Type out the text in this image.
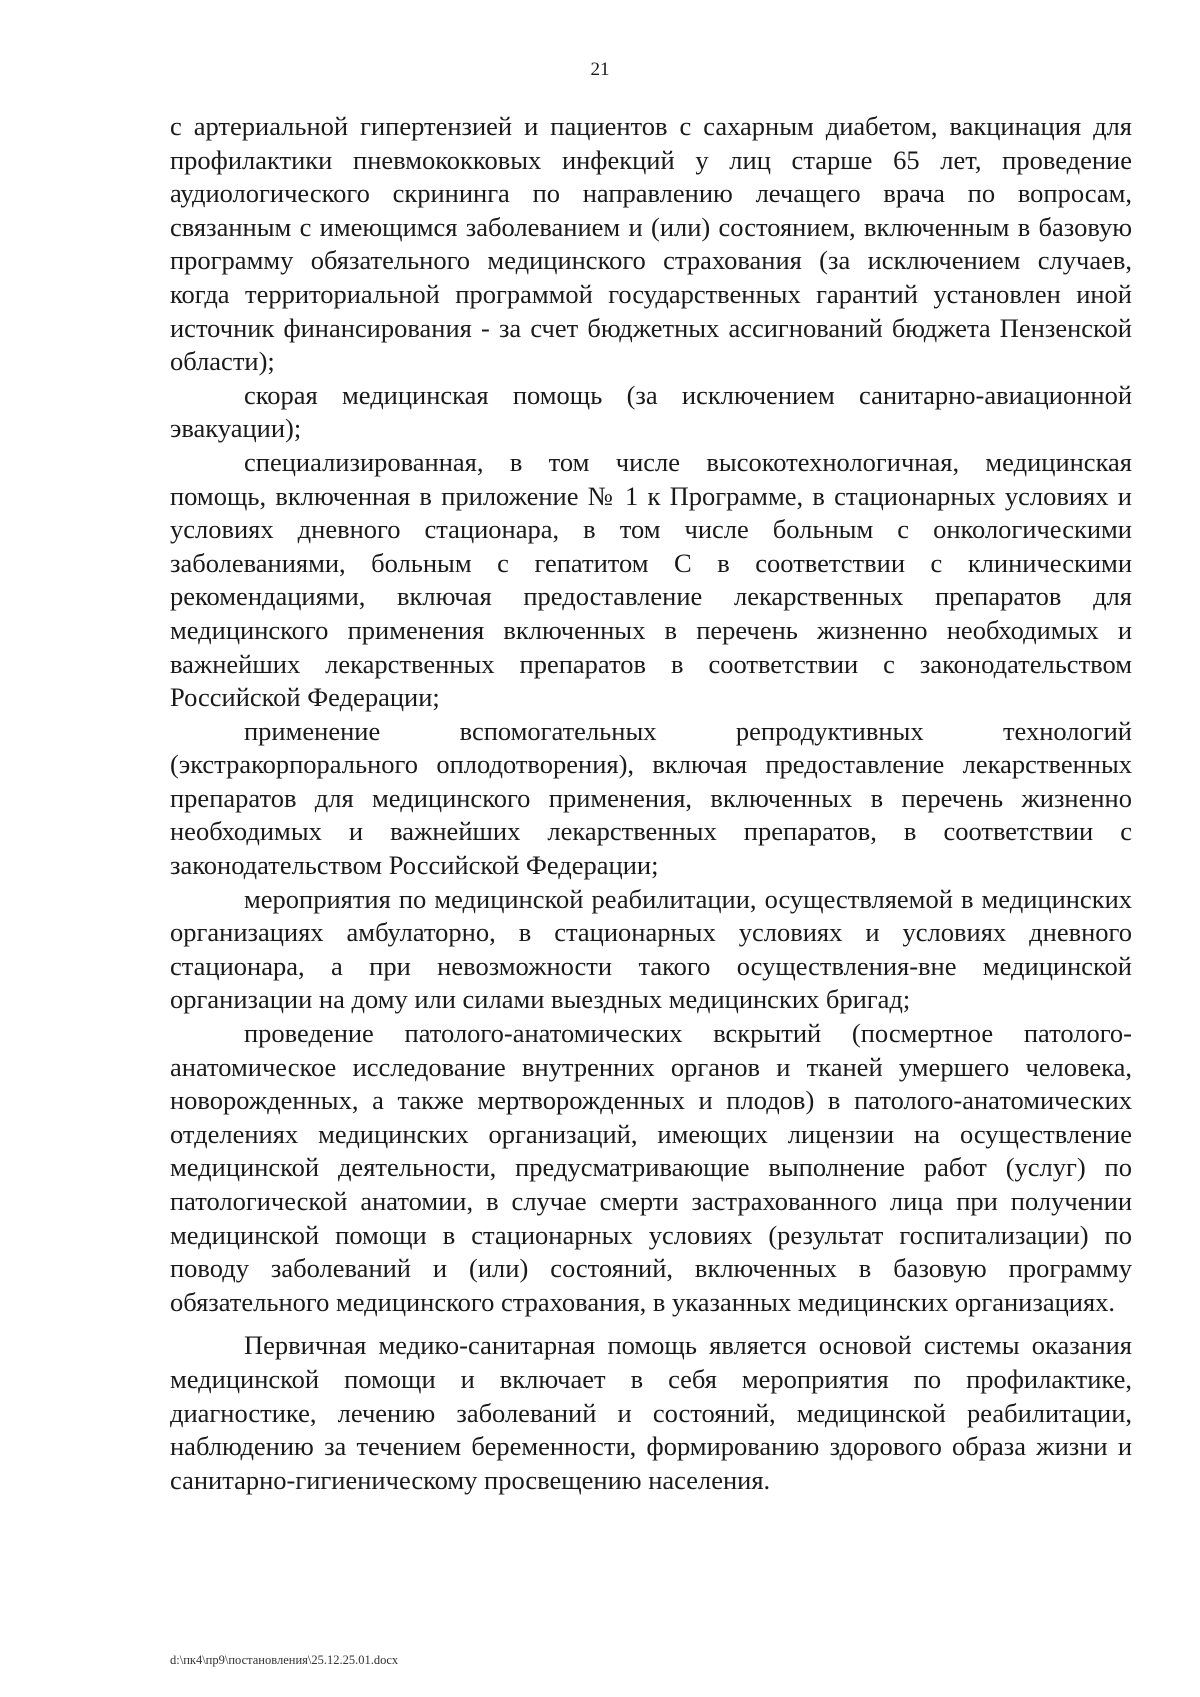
21

с артериальной гипертензией и пациентов с сахарным диабетом, вакцинация для профилактики пневмококковых инфекций у лиц старше 65 лет, проведение аудиологического скрининга по направлению лечащего врача по вопросам, связанным с имеющимся заболеванием и (или) состоянием, включенным в базовую программу обязательного медицинского страхования (за исключением случаев, когда территориальной программой государственных гарантий установлен иной источник финансирования - за счет бюджетных ассигнований бюджета Пензенской области);

скорая медицинская помощь (за исключением санитарно-авиационной эвакуации);

специализированная, в том числе высокотехнологичная, медицинская помощь, включенная в приложение № 1 к Программе, в стационарных условиях и условиях дневного стационара, в том числе больным с онкологическими заболеваниями, больным с гепатитом С в соответствии с клиническими рекомендациями, включая предоставление лекарственных препаратов для медицинского применения включенных в перечень жизненно необходимых и важнейших лекарственных препаратов в соответствии с законодательством Российской Федерации;

применение вспомогательных репродуктивных технологий (экстракорпорального оплодотворения), включая предоставление лекарственных препаратов для медицинского применения, включенных в перечень жизненно необходимых и важнейших лекарственных препаратов, в соответствии с законодательством Российской Федерации;

мероприятия по медицинской реабилитации, осуществляемой в медицинских организациях амбулаторно, в стационарных условиях и условиях дневного стационара, а при невозможности такого осуществления-вне медицинской организации на дому или силами выездных медицинских бригад;

проведение патолого-анатомических вскрытий (посмертное патолого-анатомическое исследование внутренних органов и тканей умершего человека, новорожденных, а также мертворожденных и плодов) в патолого-анатомических отделениях медицинских организаций, имеющих лицензии на осуществление медицинской деятельности, предусматривающие выполнение работ (услуг) по патологической анатомии, в случае смерти застрахованного лица при получении медицинской помощи в стационарных условиях (результат госпитализации) по поводу заболеваний и (или) состояний, включенных в базовую программу обязательного медицинского страхования, в указанных медицинских организациях.

Первичная медико-санитарная помощь является основой системы оказания медицинской помощи и включает в себя мероприятия по профилактике, диагностике, лечению заболеваний и состояний, медицинской реабилитации, наблюдению за течением беременности, формированию здорового образа жизни и санитарно-гигиеническому просвещению населения.

d:\пк4\пр9\постановления\25.12.25.01.docx
